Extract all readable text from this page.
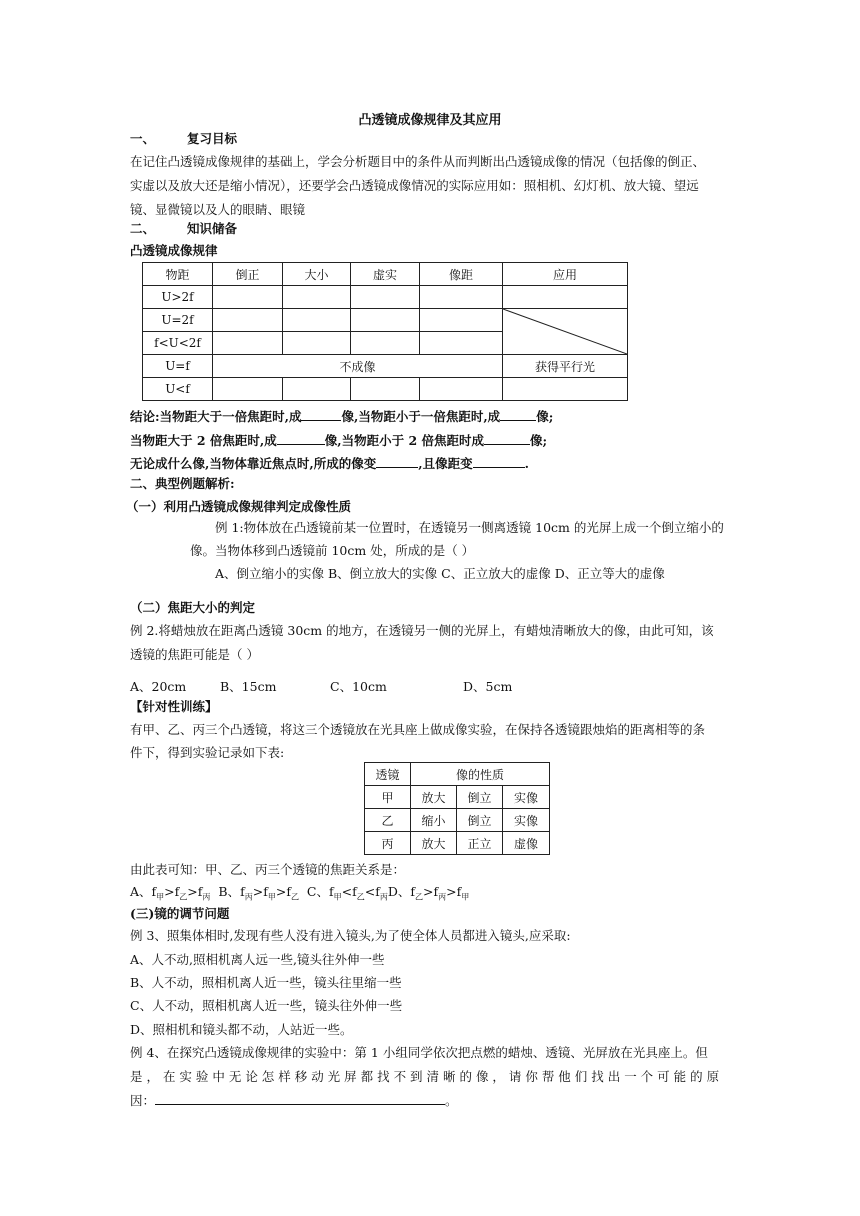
凸透镜成像规律及其应用
一、	复习目标
在记住凸透镜成像规律的基础上，学会分析题目中的条件从而判断出凸透镜成像的情况（包括像的倒正、
实虚以及放大还是缩小情况），还要学会凸透镜成像情况的实际应用如：照相机、幻灯机、放大镜、望远
镜、显微镜以及人的眼睛、眼镜
二、	知识储备
凸透镜成像规律
物距	倒正	大小	虚实	像距	应用
U>2f					
U=2f					

f<U<2f					
U=f	不成像				获得平行光
U<f					
结论:当物距大于一倍焦距时,成	像,当物距小于一倍焦距时,成	像;
当物距大于 2 倍焦距时,成	像,当物距小于 2 倍焦距时成	像;
无论成什么像,当物体靠近焦点时,所成的像变	,且像距变	.
二、典型例题解析:
（一）利用凸透镜成像规律判定成像性质
例 1:物体放在凸透镜前某一位置时，在透镜另一侧离透镜 10cm 的光屏上成一个倒立缩小的
像。当物体移到凸透镜前 10cm 处，所成的是（ ）
A、倒立缩小的实像 B、倒立放大的实像 C、正立放大的虚像 D、正立等大的虚像
（二）焦距大小的判定
例 2.将蜡烛放在距离凸透镜 30cm 的地方，在透镜另一侧的光屏上，有蜡烛清晰放大的像，由此可知，该
透镜的焦距可能是（ ）
A、20cm	B、15cm	C、10cm	D、5cm
【针对性训练】
有甲、乙、丙三个凸透镜，将这三个透镜放在光具座上做成像实验，在保持各透镜跟烛焰的距离相等的条
件下，得到实验记录如下表:
透镜	像的性质		
甲	放大	倒立	实像
乙	缩小	倒立	实像
丙	放大	正立	虚像
由此表可知：甲、乙、丙三个透镜的焦距关系是：
A、$f_甲>f_乙>f_丙$ B、$f_丙>f_甲>f_乙$ C、$f_甲<f_乙<f_丙D$、$f_乙>f_丙>f_甲$
(三)镜的调节问题
例 3、照集体相时,发现有些人没有进入镜头,为了使全体人员都进入镜头,应采取:
A、人不动,照相机离人远一些,镜头往外伸一些
B、人不动，照相机离人近一些，镜头往里缩一些
C、人不动，照相机离人近一些，镜头往外伸一些
D、照相机和镜头都不动，人站近一些。
例 4、在探究凸透镜成像规律的实验中：第 1 小组同学依次把点燃的蜡烛、透镜、光屏放在光具座上。但
是 ， 在 实 验 中 无 论 怎 样 移 动 光 屏 都 找 不 到 清 晰 的 像 ， 请 你 帮 他 们 找 出 一 个 可 能 的 原
因：	。
